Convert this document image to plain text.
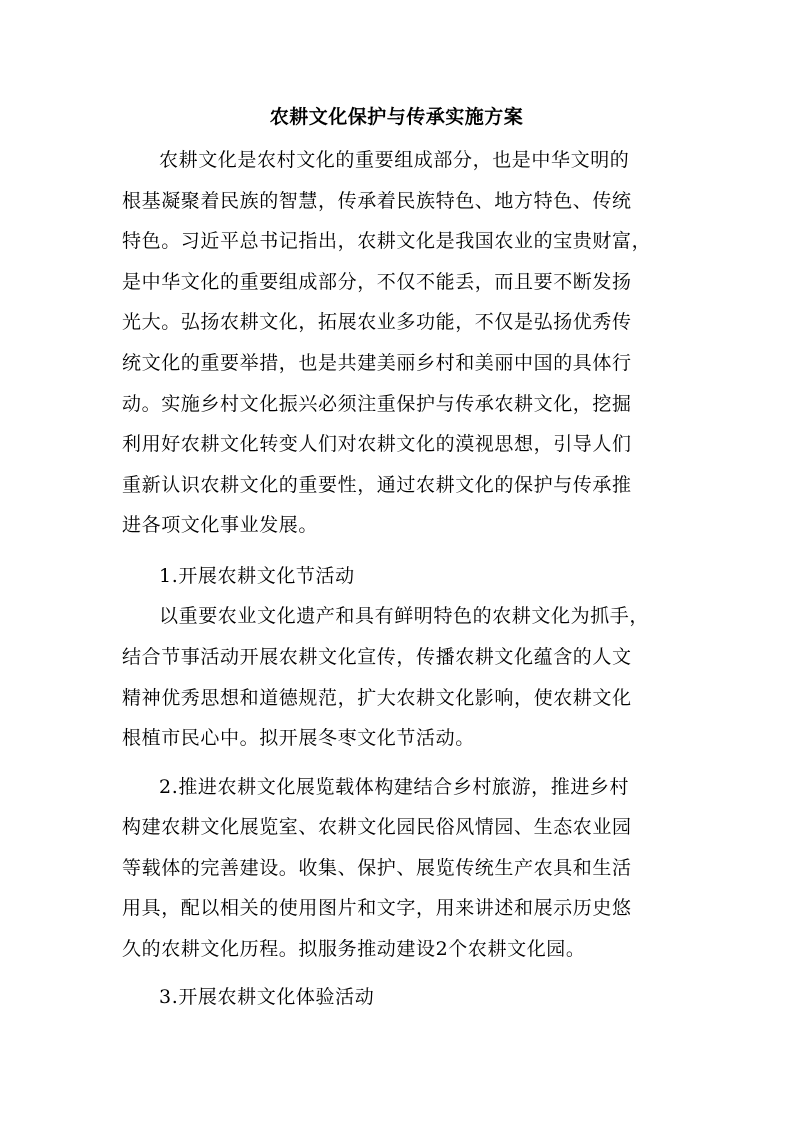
农耕文化保护与传承实施方案
农耕文化是农村文化的重要组成部分，也是中华文明的
根基凝聚着民族的智慧，传承着民族特色、地方特色、传统
特色。习近平总书记指出，农耕文化是我国农业的宝贵财富，
是中华文化的重要组成部分，不仅不能丢，而且要不断发扬
光大。弘扬农耕文化，拓展农业多功能，不仅是弘扬优秀传
统文化的重要举措，也是共建美丽乡村和美丽中国的具体行
动。实施乡村文化振兴必须注重保护与传承农耕文化，挖掘
利用好农耕文化转变人们对农耕文化的漠视思想，引导人们
重新认识农耕文化的重要性，通过农耕文化的保护与传承推
进各项文化事业发展。
1.开展农耕文化节活动
以重要农业文化遗产和具有鲜明特色的农耕文化为抓手，
结合节事活动开展农耕文化宣传，传播农耕文化蕴含的人文
精神优秀思想和道德规范，扩大农耕文化影响，使农耕文化
根植市民心中。拟开展冬枣文化节活动。
2.推进农耕文化展览载体构建结合乡村旅游，推进乡村
构建农耕文化展览室、农耕文化园民俗风情园、生态农业园
等载体的完善建设。收集、保护、展览传统生产农具和生活
用具，配以相关的使用图片和文字，用来讲述和展示历史悠
久的农耕文化历程。拟服务推动建设2个农耕文化园。
3.开展农耕文化体验活动
